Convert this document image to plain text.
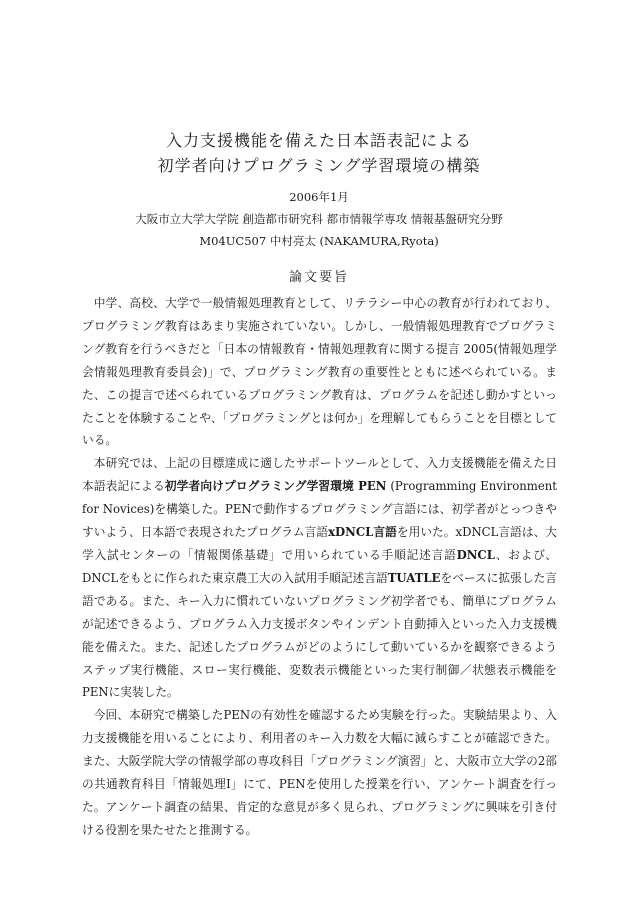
入力支援機能を備えた日本語表記による
初学者向けプログラミング学習環境の構築
2006年1月
大阪市立大学大学院 創造都市研究科 都市情報学専攻 情報基盤研究分野
M04UC507 中村亮太 (NAKAMURA,Ryota)
論文要旨

中学、高校、大学で一般情報処理教育として、リテラシー中心の教育が行われており、プログラミング教育はあまり実施されていない。しかし、一般情報処理教育でプログラミング教育を行うべきだと「日本の情報教育・情報処理教育に関する提言 2005(情報処理学会情報処理教育委員会)」で、プログラミング教育の重要性とともに述べられている。また、この提言で述べられているプログラミング教育は、プログラムを記述し動かすといったことを体験することや、「プログラミングとは何か」を理解してもらうことを目標としている。

本研究では、上記の目標達成に適したサポートツールとして、入力支援機能を備えた日本語表記による初学者向けプログラミング学習環境 PEN (Programming Environment for Novices)を構築した。PENで動作するプログラミング言語には、初学者がとっつきやすいよう、日本語で表現されたプログラム言語xDNCL言語を用いた。xDNCL言語は、大学入試センターの「情報関係基礎」で用いられている手順記述言語DNCL、および、DNCLをもとに作られた東京農工大の入試用手順記述言語TUATLEをベースに拡張した言語である。また、キー入力に慣れていないプログラミング初学者でも、簡単にプログラムが記述できるよう、プログラム入力支援ボタンやインデント自動挿入といった入力支援機能を備えた。また、記述したプログラムがどのようにして動いているかを観察できるようステップ実行機能、スロー実行機能、変数表示機能といった実行制御／状態表示機能をPENに実装した。

今回、本研究で構築したPENの有効性を確認するため実験を行った。実験結果より、入力支援機能を用いることにより、利用者のキー入力数を大幅に減らすことが確認できた。また、大阪学院大学の情報学部の専攻科目「プログラミング演習」と、大阪市立大学の2部の共通教育科目「情報処理I」にて、PENを使用した授業を行い、アンケート調査を行った。アンケート調査の結果、肯定的な意見が多く見られ、プログラミングに興味を引き付ける役割を果たせたと推測する。
